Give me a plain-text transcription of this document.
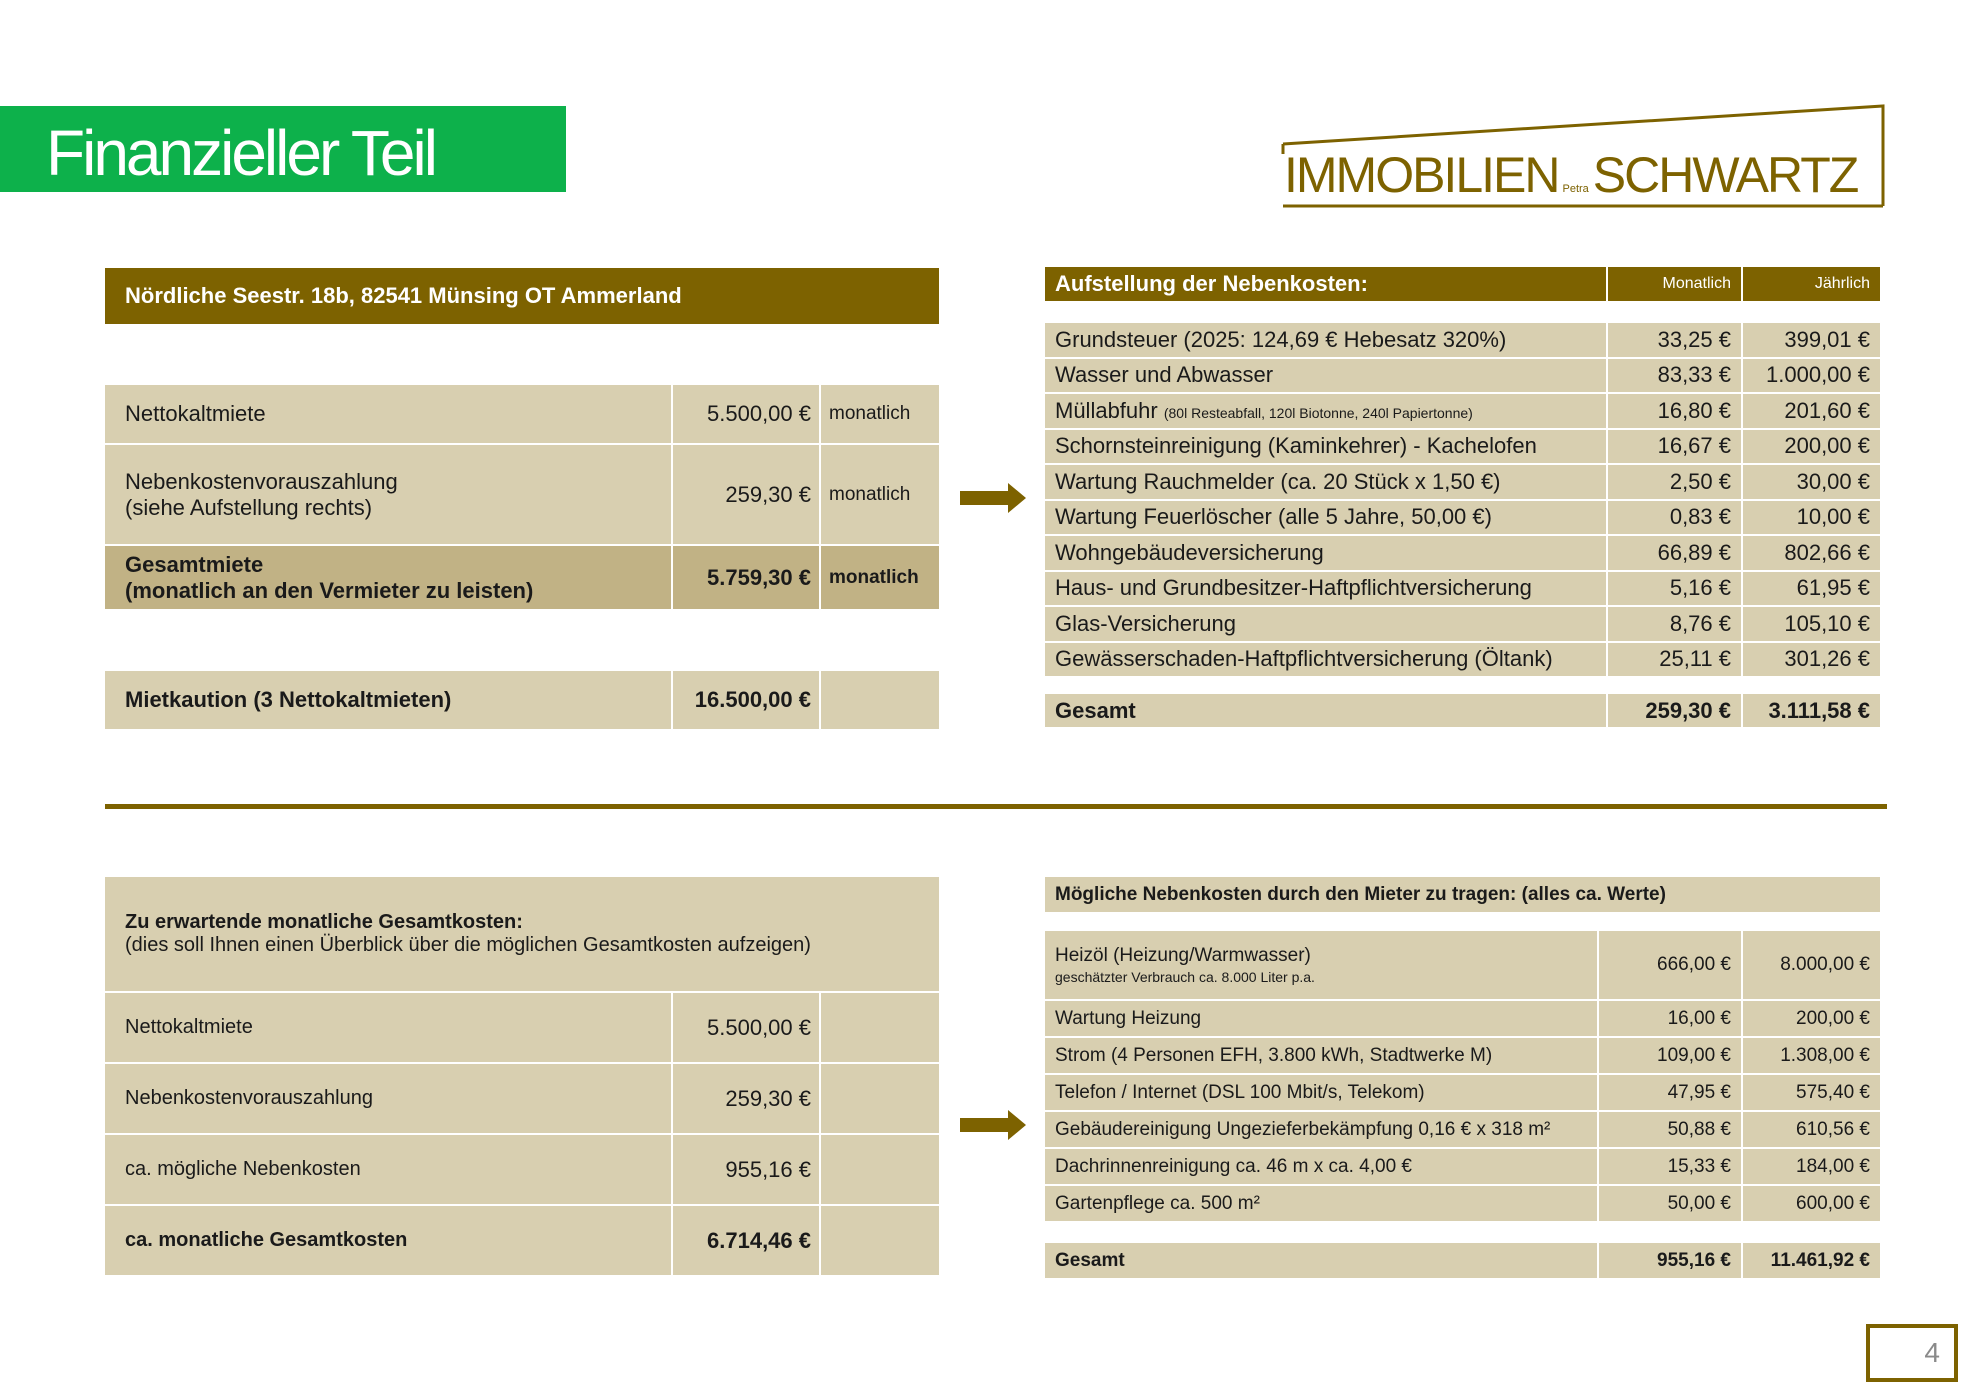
Finanzieller Teil	IMMOBILIEN PetraSCHWARTZ
Nördliche Seestr. 18b, 82541 Münsing OT Ammerland
Nettokaltmiete	5.500,00 €	monatlich
Nebenkostenvorauszahlung
(siehe Aufstellung rechts)	259,30 €	monatlich
Gesamtmiete
(monatlich an den Vermieter zu leisten)	5.759,30 €	monatlich
Mietkaution (3 Nettokaltmieten)	16.500,00 €	
Aufstellung der Nebenkosten:	Monatlich	Jährlich

Grundsteuer (2025: 124,69 € Hebesatz 320%)	33,25 €	399,01 €
Wasser und Abwasser	83,33 €	1.000,00 €
Müllabfuhr (80l Resteabfall, 120l Biotonne, 240l Papiertonne)	16,80 €	201,60 €
Schornsteinreinigung (Kaminkehrer) - Kachelofen	16,67 €	200,00 €
Wartung Rauchmelder (ca. 20 Stück x 1,50 €)	2,50 €	30,00 €
Wartung Feuerlöscher (alle 5 Jahre, 50,00 €)	0,83 €	10,00 €
Wohngebäudeversicherung	66,89 €	802,66 €
Haus- und Grundbesitzer-Haftpflichtversicherung	5,16 €	61,95 €
Glas-Versicherung	8,76 €	105,10 €
Gewässerschaden-Haftpflichtversicherung (Öltank)	25,11 €	301,26 €

Gesamt	259,30 €	3.111,58 €
Zu erwartende monatliche Gesamtkosten:
(dies soll Ihnen einen Überblick über die möglichen Gesamtkosten aufzeigen)		
Nettokaltmiete	5.500,00 €	
Nebenkostenvorauszahlung	259,30 €	
ca. mögliche Nebenkosten	955,16 €	
ca. monatliche Gesamtkosten	6.714,46 €	
Mögliche Nebenkosten durch den Mieter zu tragen: (alles ca. Werte)
Heizöl (Heizung/Warmwasser)
geschätzter Verbrauch ca. 8.000 Liter p.a.	666,00 €	8.000,00 €
Wartung Heizung	16,00 €	200,00 €
Strom (4 Personen EFH, 3.800 kWh, Stadtwerke M)	109,00 €	1.308,00 €
Telefon / Internet (DSL 100 Mbit/s, Telekom)	47,95 €	575,40 €
Gebäudereinigung Ungezieferbekämpfung 0,16 € x 318 m²	50,88 €	610,56 €
Dachrinnenreinigung ca. 46 m x ca. 4,00 €	15,33 €	184,00 €
Gartenpflege ca. 500 m²	50,00 €	600,00 €

Gesamt	955,16 €	11.461,92 €
4
